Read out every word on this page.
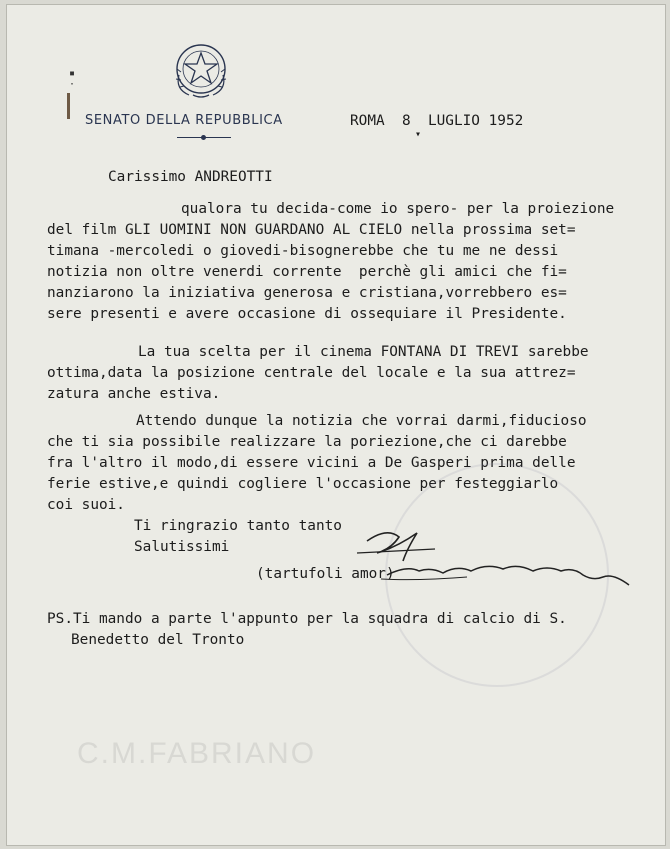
▪
·
SENATO DELLA REPUBBLICA	ROMA  8  LUGLIO 1952
▾
Carissimo ANDREOTTI
qualora tu decida-come io spero- per la proiezione
del film GLI UOMINI NON GUARDANO AL CIELO nella prossima set=
timana -mercoledi o giovedi-bisognerebbe che tu me ne dessi
notizia non oltre venerdi corrente  perchè gli amici che fi=
nanziarono la iniziativa generosa e cristiana,vorrebbero es=
sere presenti e avere occasione di ossequiare il Presidente.
La tua scelta per il cinema FONTANA DI TREVI sarebbe
ottima,data la posizione centrale del locale e la sua attrez=
zatura anche estiva.
Attendo dunque la notizia che vorrai darmi,fiducioso
che ti sia possibile realizzare la poriezione,che ci darebbe
fra l'altro il modo,di essere vicini a De Gasperi prima delle
ferie estive,e quindi cogliere l'occasione per festeggiarlo
coi suoi.
Ti ringrazio tanto tanto
Salutissimi
(tartufoli amor)
PS.Ti mando a parte l'appunto per la squadra di calcio di S.
Benedetto del Tronto
C.M.FABRIANO
